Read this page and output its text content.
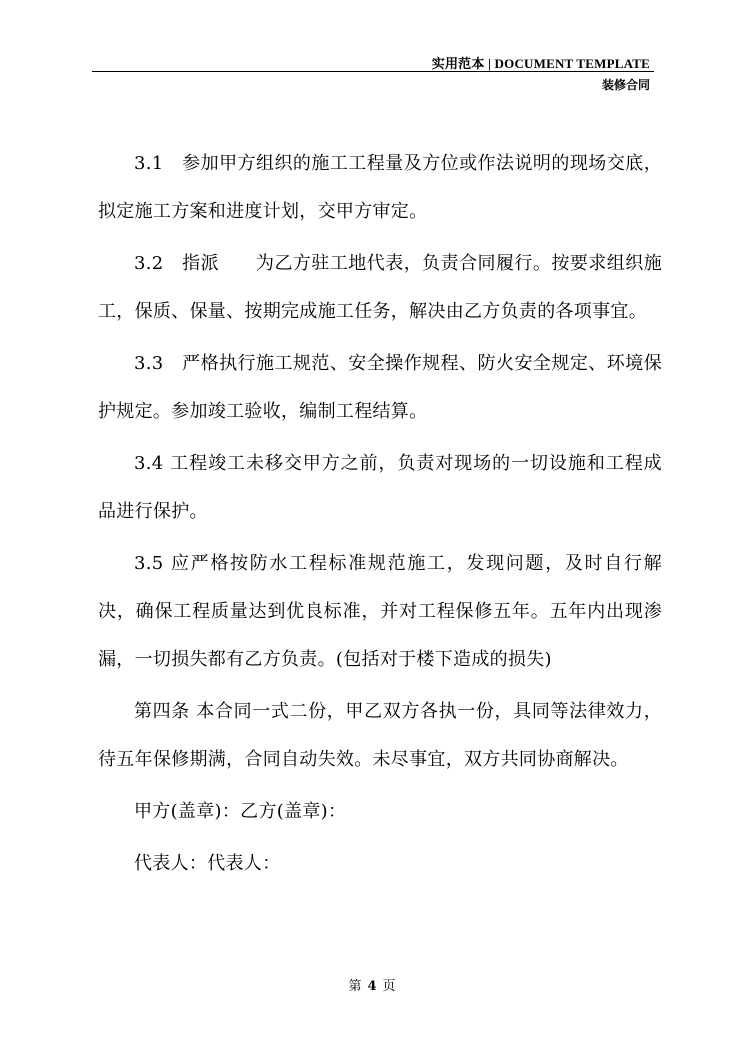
实用范本 | DOCUMENT TEMPLATE
装修合同

3.1　参加甲方组织的施工工程量及方位或作法说明的现场交底，拟定施工方案和进度计划，交甲方审定。

3.2　指派　　为乙方驻工地代表，负责合同履行。按要求组织施工，保质、保量、按期完成施工任务，解决由乙方负责的各项事宜。

3.3　严格执行施工规范、安全操作规程、防火安全规定、环境保护规定。参加竣工验收，编制工程结算。

3.4 工程竣工未移交甲方之前，负责对现场的一切设施和工程成品进行保护。

3.5 应严格按防水工程标准规范施工，发现问题，及时自行解决，确保工程质量达到优良标准，并对工程保修五年。五年内出现渗漏，一切损失都有乙方负责。(包括对于楼下造成的损失)

第四条 本合同一式二份，甲乙双方各执一份，具同等法律效力，待五年保修期满，合同自动失效。未尽事宜，双方共同协商解决。

甲方(盖章)：乙方(盖章)：

代表人：代表人：

第 4 页
